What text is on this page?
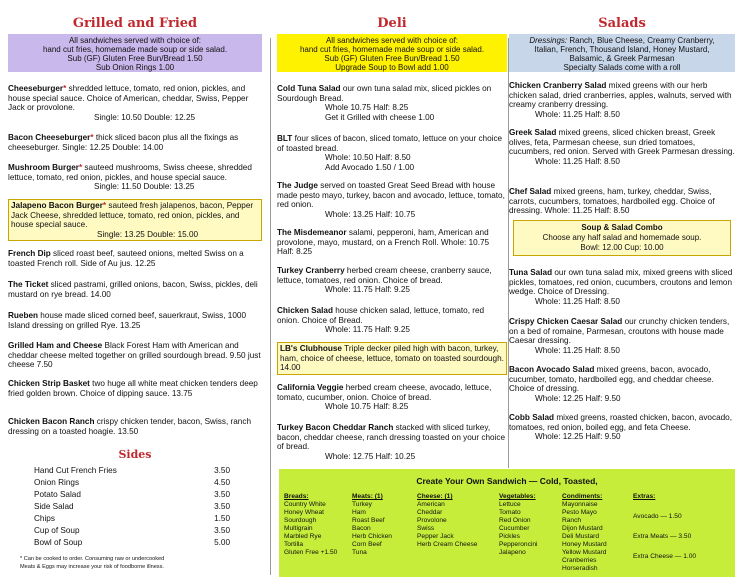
Grilled and Fried
All sandwiches served with choice of:
hand cut fries, homemade made soup or side salad.
Sub (GF) Gluten Free Bun/Bread 1.50
Sub Onion Rings 1.00
Cheeseburger* shredded lettuce, tomato, red onion, pickles, and house special sauce. Choice of American, cheddar, Swiss, Pepper Jack or provolone.
Single: 10.50 Double: 12.25
Bacon Cheeseburger* thick sliced bacon plus all the fixings as cheeseburger. Single: 12.25 Double: 14.00
Mushroom Burger* sauteed mushrooms, Swiss cheese, shredded lettuce, tomato, red onion, pickles, and house special sauce.
Single: 11.50 Double: 13.25
Jalapeno Bacon Burger* sauteed fresh jalapenos, bacon, Pepper Jack Cheese, shredded lettuce, tomato, red onion, pickles, and house special sauce.
Single: 13.25 Double: 15.00
French Dip sliced roast beef, sauteed onions, melted Swiss on a toasted French roll. Side of Au jus. 12.25
The Ticket sliced pastrami, grilled onions, bacon, Swiss, pickles, deli mustard on rye bread. 14.00
Rueben house made sliced corned beef, sauerkraut, Swiss, 1000 Island dressing on grilled Rye. 13.25
Grilled Ham and Cheese Black Forest Ham with American and cheddar cheese melted together on grilled sourdough bread. 9.50 just cheese 7.50
Chicken Strip Basket two huge all white meat chicken tenders deep fried golden brown. Choice of dipping sauce. 13.75
Chicken Bacon Ranch crispy chicken tender, bacon, Swiss, ranch dressing on a toasted hoagie. 13.50
Sides
Hand Cut French Fries	3.50
Onion Rings	4.50
Potato Salad	3.50
Side Salad	3.50
Chips	1.50
Cup of Soup	3.50
Bowl of Soup	5.00
* Can be cooked to order. Consuming raw or undercooked
Meats & Eggs may increase your risk of foodborne illness.
Deli
All sandwiches served with choice of:
hand cut fries, homemade made soup or side salad.
Sub (GF) Gluten Free Bun/Bread 1.50
Upgrade Soup to Bowl add 1.00
Cold Tuna Salad our own tuna salad mix, sliced pickles on Sourdough Bread.
Whole 10.75 Half: 8.25
Get it Grilled with cheese 1.00
BLT four slices of bacon, sliced tomato, lettuce on your choice of toasted bread.
Whole: 10.50 Half: 8.50
Add Avocado 1.50 / 1.00
The Judge served on toasted Great Seed Bread with house made pesto mayo, turkey, bacon and avocado, lettuce, tomato, red onion.
Whole: 13.25 Half: 10.75
The Misdemeanor salami, pepperoni, ham, American and provolone, mayo, mustard, on a French Roll. Whole: 10.75 Half: 8.25
Turkey Cranberry herbed cream cheese, cranberry sauce, lettuce, tomatoes, red onion. Choice of bread.
Whole: 11.75 Half: 9.25
Chicken Salad house chicken salad, lettuce, tomato, red onion. Choice of Bread.
Whole: 11.75 Half: 9.25
LB's Clubhouse Triple decker piled high with bacon, turkey, ham, choice of cheese, lettuce, tomato on toasted sourdough. 14.00
California Veggie herbed cream cheese, avocado, lettuce, tomato, cucumber, onion. Choice of bread.
Whole 10.75 Half: 8.25
Turkey Bacon Cheddar Ranch stacked with sliced turkey, bacon, cheddar cheese, ranch dressing toasted on your choice of bread.
Whole: 12.75 Half: 10.25
Salads
Dressings: Ranch, Blue Cheese, Creamy Cranberry,
Italian, French, Thousand Island, Honey Mustard,
Balsamic, & Greek Parmesan
Specialty Salads come with a roll
Chicken Cranberry Salad mixed greens with our herb chicken salad, dried cranberries, apples, walnuts, served with creamy cranberry dressing.
Whole: 11.25 Half: 8.50
Greek Salad mixed greens, sliced chicken breast, Greek olives, feta, Parmesan cheese, sun dried tomatoes, cucumbers, red onion. Served with Greek Parmesan dressing.
Whole: 11.25 Half: 8.50
Chef Salad mixed greens, ham, turkey, cheddar, Swiss, carrots, cucumbers, tomatoes, hardboiled egg. Choice of dressing. Whole: 11.25 Half: 8.50
Soup & Salad Combo
Choose any half salad and homemade soup.
Bowl: 12.00 Cup: 10.00
Tuna Salad our own tuna salad mix, mixed greens with sliced pickles, tomatoes, red onion, cucumbers, croutons and lemon wedge. Choice of Dressing.
Whole: 11.25 Half: 8.50
Crispy Chicken Caesar Salad our crunchy chicken tenders, on a bed of romaine, Parmesan, croutons with house made Caesar dressing.
Whole: 11.25 Half: 8.50
Bacon Avocado Salad mixed greens, bacon, avocado, cucumber, tomato, hardboiled egg, and cheddar cheese. Choice of dressing.
Whole: 12.25 Half: 9.50
Cobb Salad mixed greens, roasted chicken, bacon, avocado, tomatoes, red onion, boiled egg, and feta Cheese.
Whole: 12.25 Half: 9.50
Create Your Own Sandwich — Cold, Toasted,
Breads:
Country White
Honey Wheat
Sourdough
Multigrain
Marbled Rye
Tortilla
Gluten Free +1.50
Meats: (1)
Turkey
Ham
Roast Beef
Bacon
Herb Chicken
Corn Beef
Tuna
Cheese: (1)
American
Cheddar
Provolone
Swiss
Pepper Jack
Herb Cream Cheese
Vegetables:
Lettuce
Tomato
Red Onion
Cucumber
Pickles
Pepperoncini
Jalapeno
Condiments:
Mayonnaise
Pesto Mayo
Ranch
Dijon Mustard
Deli Mustard
Honey Mustard
Yellow Mustard
Cranberries
Horseradish
Extras:
Avocado — 1.50
Extra Meats — 3.50
Extra Cheese — 1.00
